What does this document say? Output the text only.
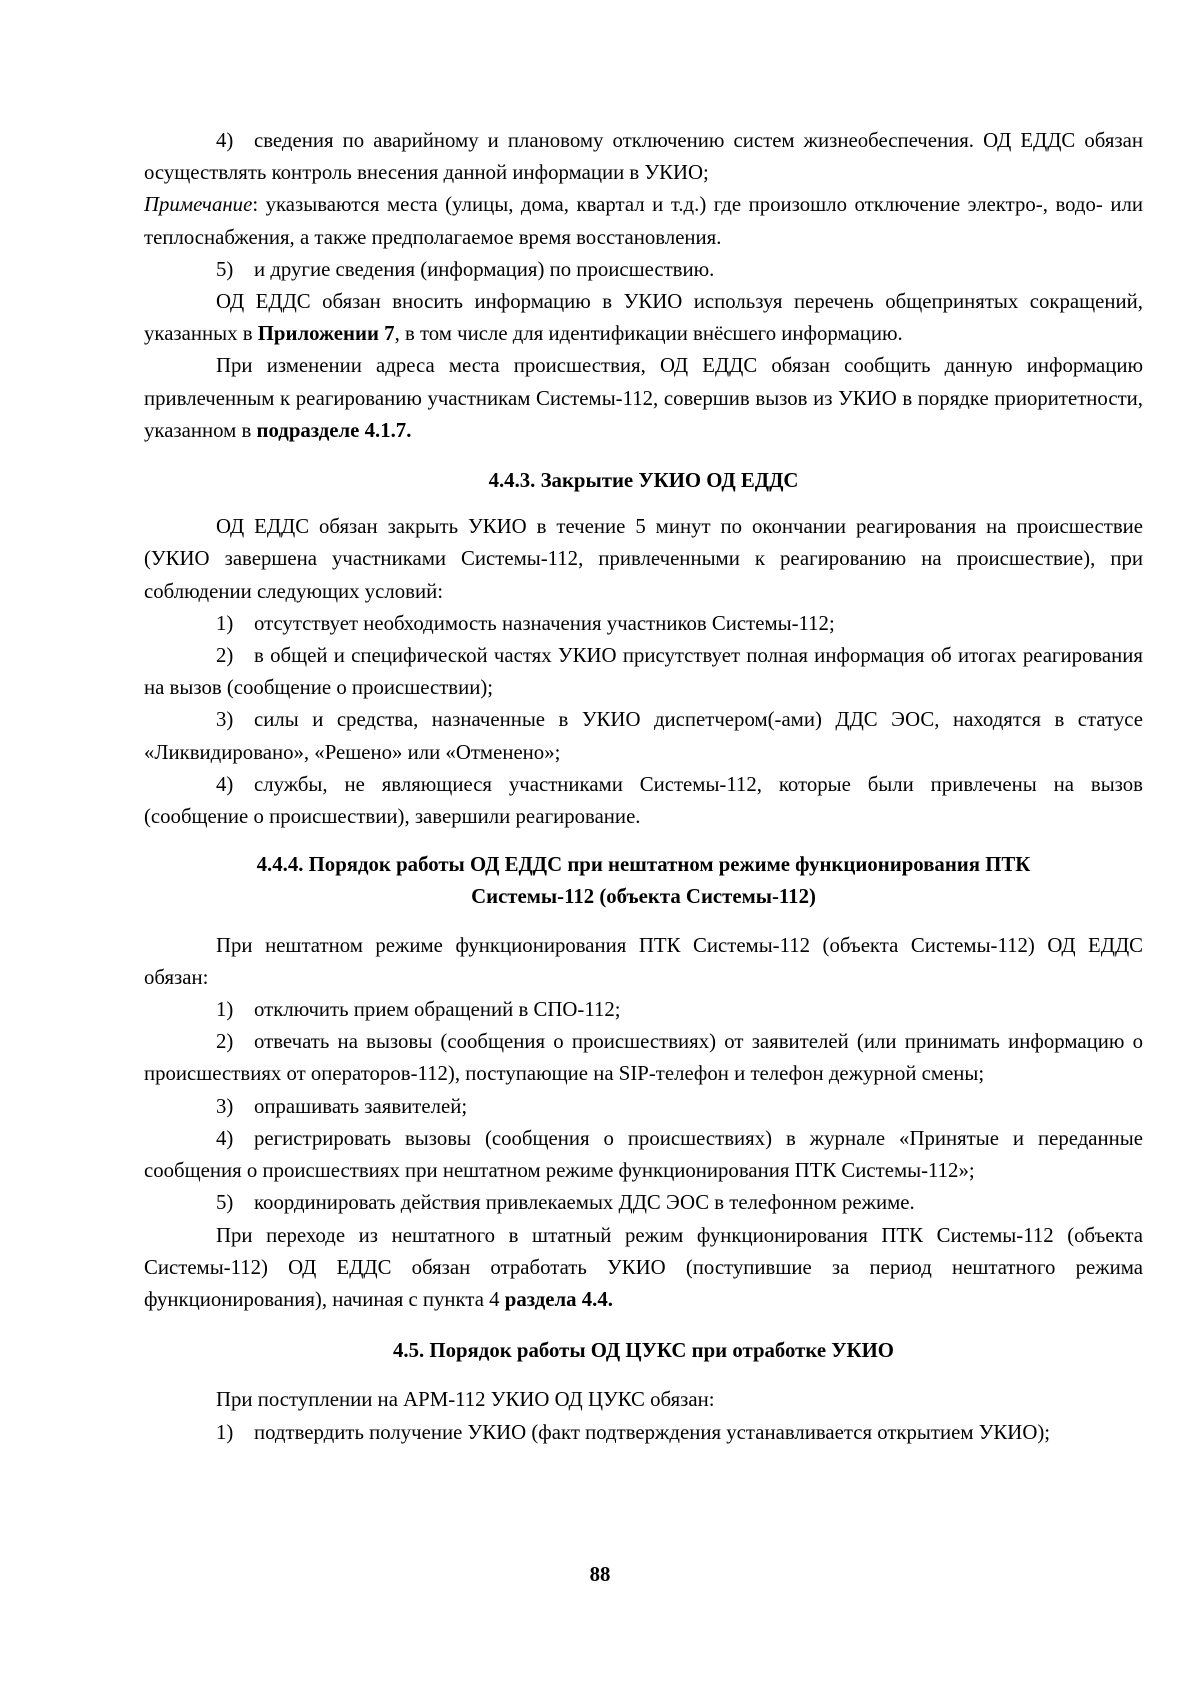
4) сведения по аварийному и плановому отключению систем жизнеобеспечения. ОД ЕДДС обязан осуществлять контроль внесения данной информации в УКИО;

Примечание: указываются места (улицы, дома, квартал и т.д.) где произошло отключение электро-, водо- или теплоснабжения, а также предполагаемое время восстановления.

5) и другие сведения (информация) по происшествию.

ОД ЕДДС обязан вносить информацию в УКИО используя перечень общепринятых сокращений, указанных в Приложении 7, в том числе для идентификации внёсшего информацию.

При изменении адреса места происшествия, ОД ЕДДС обязан сообщить данную информацию привлеченным к реагированию участникам Системы-112, совершив вызов из УКИО в порядке приоритетности, указанном в подразделе 4.1.7.

4.4.3. Закрытие УКИО ОД ЕДДС

ОД ЕДДС обязан закрыть УКИО в течение 5 минут по окончании реагирования на происшествие (УКИО завершена участниками Системы-112, привлеченными к реагированию на происшествие), при соблюдении следующих условий:

1) отсутствует необходимость назначения участников Системы-112;

2) в общей и специфической частях УКИО присутствует полная информация об итогах реагирования на вызов (сообщение о происшествии);

3) силы и средства, назначенные в УКИО диспетчером(-ами) ДДС ЭОС, находятся в статусе «Ликвидировано», «Решено» или «Отменено»;

4) службы, не являющиеся участниками Системы-112, которые были привлечены на вызов (сообщение о происшествии), завершили реагирование.

4.4.4. Порядок работы ОД ЕДДС при нештатном режиме функционирования ПТК
Системы-112 (объекта Системы-112)

При нештатном режиме функционирования ПТК Системы-112 (объекта Системы-112) ОД ЕДДС обязан:

1) отключить прием обращений в СПО-112;

2) отвечать на вызовы (сообщения о происшествиях) от заявителей (или принимать информацию о происшествиях от операторов-112), поступающие на SIP-телефон и телефон дежурной смены;

3) опрашивать заявителей;

4) регистрировать вызовы (сообщения о происшествиях) в журнале «Принятые и переданные сообщения о происшествиях при нештатном режиме функционирования ПТК Системы-112»;

5) координировать действия привлекаемых ДДС ЭОС в телефонном режиме.

При переходе из нештатного в штатный режим функционирования ПТК Системы-112 (объекта Системы-112) ОД ЕДДС обязан отработать УКИО (поступившие за период нештатного режима функционирования), начиная с пункта 4 раздела 4.4.

4.5. Порядок работы ОД ЦУКС при отработке УКИО

При поступлении на АРМ-112 УКИО ОД ЦУКС обязан:

1) подтвердить получение УКИО (факт подтверждения устанавливается открытием УКИО);

88
